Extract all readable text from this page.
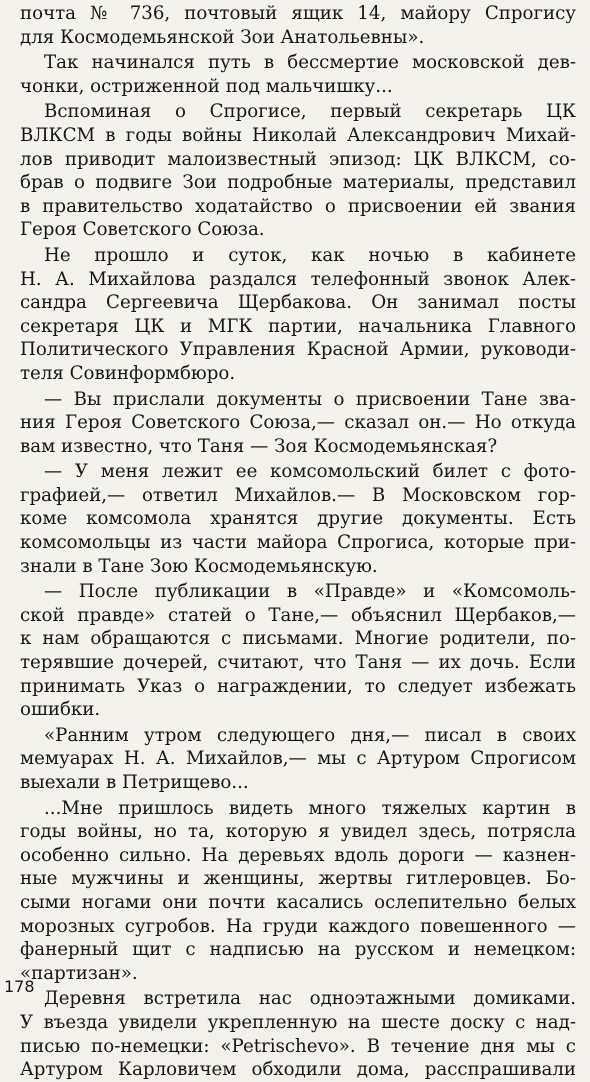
почта № 736, почтовый ящик 14, майору Спрогису
для Космодемьянской Зои Анатольевны».
Так начинался путь в бессмертие московской дев-
чонки, остриженной под мальчишку...
Вспоминая о Спрогисе, первый секретарь ЦК
ВЛКСМ в годы войны Николай Александрович Михай-
лов приводит малоизвестный эпизод: ЦК ВЛКСМ, со-
брав о подвиге Зои подробные материалы, представил
в правительство ходатайство о присвоении ей звания
Героя Советского Союза.
Не прошло и суток, как ночью в кабинете
Н. А. Михайлова раздался телефонный звонок Алек-
сандра Сергеевича Щербакова. Он занимал посты
секретаря ЦК и МГК партии, начальника Главного
Политического Управления Красной Армии, руководи-
теля Совинформбюро.
— Вы прислали документы о присвоении Тане зва-
ния Героя Советского Союза,— сказал он.— Но откуда
вам известно, что Таня — Зоя Космодемьянская?
— У меня лежит ее комсомольский билет с фото-
графией,— ответил Михайлов.— В Московском гор-
коме комсомола хранятся другие документы. Есть
комсомольцы из части майора Спрогиса, которые при-
знали в Тане Зою Космодемьянскую.
— После публикации в «Правде» и «Комсомоль-
ской правде» статей о Тане,— объяснил Щербаков,—
к нам обращаются с письмами. Многие родители, по-
терявшие дочерей, считают, что Таня — их дочь. Если
принимать Указ о награждении, то следует избежать
ошибки.
«Ранним утром следующего дня,— писал в своих
мемуарах Н. А. Михайлов,— мы с Артуром Спрогисом
выехали в Петрищево...
...Мне пришлось видеть много тяжелых картин в
годы войны, но та, которую я увидел здесь, потрясла
особенно сильно. На деревьях вдоль дороги — казнен-
ные мужчины и женщины, жертвы гитлеровцев. Бо-
сыми ногами они почти касались ослепительно белых
морозных сугробов. На груди каждого повешенного —
фанерный щит с надписью на русском и немецком:
«партизан».
Деревня встретила нас одноэтажными домиками.
У въезда увидели укрепленную на шесте доску с над-
писью по-немецки: «Petrischevo». В течение дня мы с
Артуром Карловичем обходили дома, расспрашивали
178
